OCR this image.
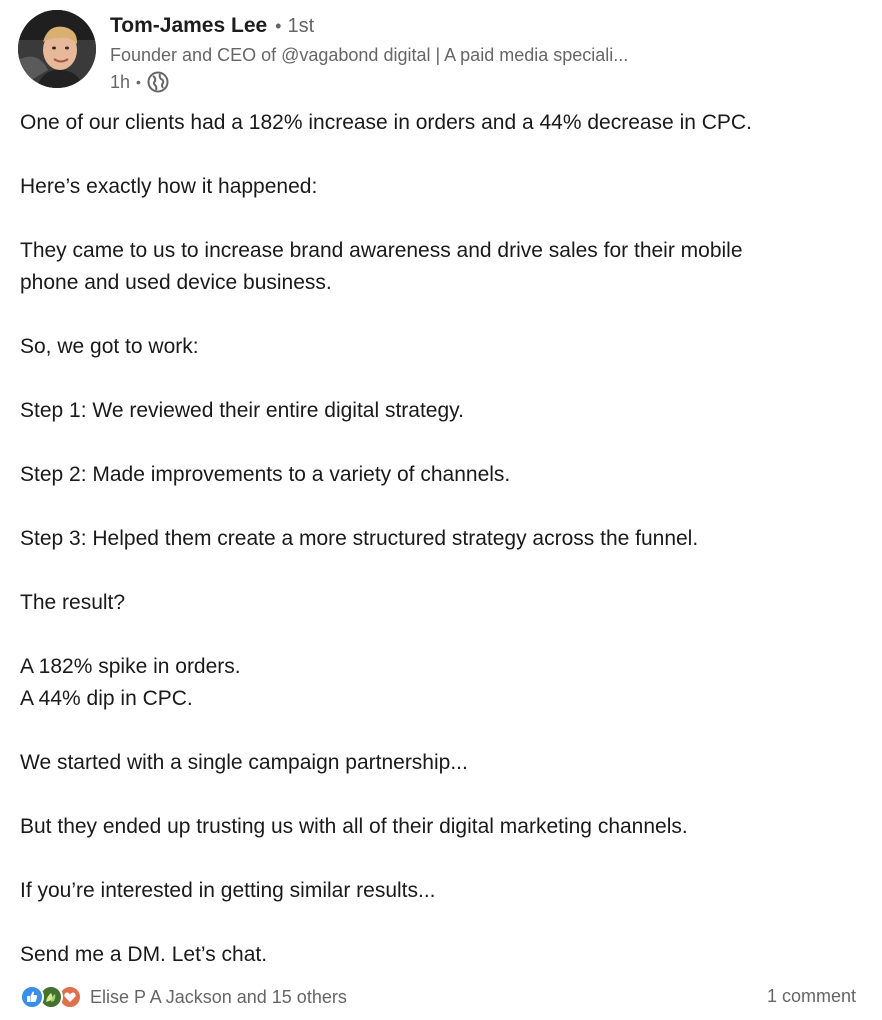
Tom-James Lee • 1st
Founder and CEO of @vagabond digital | A paid media speciali...
1h •

One of our clients had a 182% increase in orders and a 44% decrease in CPC.

Here’s exactly how it happened:

They came to us to increase brand awareness and drive sales for their mobile
phone and used device business.

So, we got to work:

Step 1: We reviewed their entire digital strategy.

Step 2: Made improvements to a variety of channels.

Step 3: Helped them create a more structured strategy across the funnel.

The result?

A 182% spike in orders.
A 44% dip in CPC.

We started with a single campaign partnership...

But they ended up trusting us with all of their digital marketing channels.

If you’re interested in getting similar results...

Send me a DM. Let’s chat.

Elise P A Jackson and 15 others	1 comment
